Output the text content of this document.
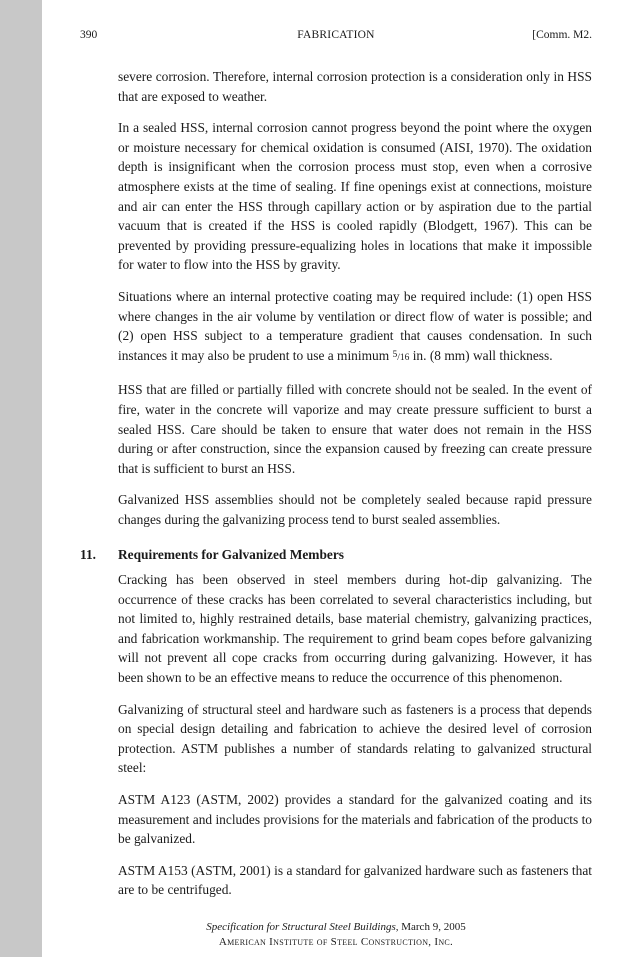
390	FABRICATION	[Comm. M2.

severe corrosion. Therefore, internal corrosion protection is a consideration only in HSS that are exposed to weather.

In a sealed HSS, internal corrosion cannot progress beyond the point where the oxygen or moisture necessary for chemical oxidation is consumed (AISI, 1970). The oxidation depth is insignificant when the corrosion process must stop, even when a corrosive atmosphere exists at the time of sealing. If fine openings exist at connections, moisture and air can enter the HSS through capillary action or by aspiration due to the partial vacuum that is created if the HSS is cooled rapidly (Blodgett, 1967). This can be prevented by providing pressure-equalizing holes in locations that make it impossible for water to flow into the HSS by gravity.

Situations where an internal protective coating may be required include: (1) open HSS where changes in the air volume by ventilation or direct flow of water is possible; and (2) open HSS subject to a temperature gradient that causes condensation. In such instances it may also be prudent to use a minimum $^5$/16 in. (8 mm) wall thickness.

HSS that are filled or partially filled with concrete should not be sealed. In the event of fire, water in the concrete will vaporize and may create pressure sufficient to burst a sealed HSS. Care should be taken to ensure that water does not remain in the HSS during or after construction, since the expansion caused by freezing can create pressure that is sufficient to burst an HSS.

Galvanized HSS assemblies should not be completely sealed because rapid pressure changes during the galvanizing process tend to burst sealed assemblies.

11. Requirements for Galvanized Members

Cracking has been observed in steel members during hot-dip galvanizing. The occurrence of these cracks has been correlated to several characteristics including, but not limited to, highly restrained details, base material chemistry, galvanizing practices, and fabrication workmanship. The requirement to grind beam copes before galvanizing will not prevent all cope cracks from occurring during galvanizing. However, it has been shown to be an effective means to reduce the occurrence of this phenomenon.

Galvanizing of structural steel and hardware such as fasteners is a process that depends on special design detailing and fabrication to achieve the desired level of corrosion protection. ASTM publishes a number of standards relating to galvanized structural steel:

ASTM A123 (ASTM, 2002) provides a standard for the galvanized coating and its measurement and includes provisions for the materials and fabrication of the products to be galvanized.

ASTM A153 (ASTM, 2001) is a standard for galvanized hardware such as fasteners that are to be centrifuged.

Specification for Structural Steel Buildings, March 9, 2005
American Institute of Steel Construction, Inc.
